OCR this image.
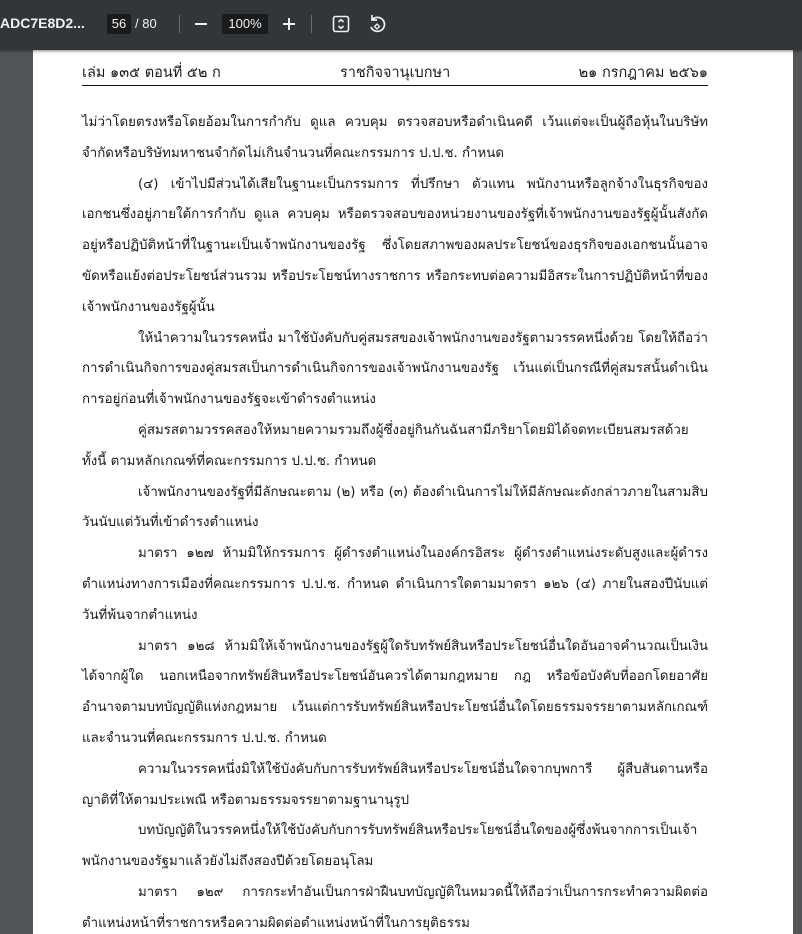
ADC7E8D2...	56 / 80	100%
เล่ม ๑๓๕ ตอนที่ ๕๒ ก	ราชกิจจานุเบกษา	๒๑ กรกฎาคม ๒๕๖๑

ไม่ว่าโดยตรงหรือโดยอ้อมในการกำกับ ดูแล ควบคุม ตรวจสอบหรือดำเนินคดี เว้นแต่จะเป็นผู้ถือหุ้นในบริษัทจำกัดหรือบริษัทมหาชนจำกัดไม่เกินจำนวนที่คณะกรรมการ ป.ป.ช. กำหนด

(๔) เข้าไปมีส่วนได้เสียในฐานะเป็นกรรมการ ที่ปรึกษา ตัวแทน พนักงานหรือลูกจ้างในธุรกิจของเอกชนซึ่งอยู่ภายใต้การกำกับ ดูแล ควบคุม หรือตรวจสอบของหน่วยงานของรัฐที่เจ้าพนักงานของรัฐผู้นั้นสังกัดอยู่หรือปฏิบัติหน้าที่ในฐานะเป็นเจ้าพนักงานของรัฐ ซึ่งโดยสภาพของผลประโยชน์ของธุรกิจของเอกชนนั้นอาจขัดหรือแย้งต่อประโยชน์ส่วนรวม หรือประโยชน์ทางราชการ หรือกระทบต่อความมีอิสระในการปฏิบัติหน้าที่ของเจ้าพนักงานของรัฐผู้นั้น

ให้นำความในวรรคหนึ่ง มาใช้บังคับกับคู่สมรสของเจ้าพนักงานของรัฐตามวรรคหนึ่งด้วย โดยให้ถือว่าการดำเนินกิจการของคู่สมรสเป็นการดำเนินกิจการของเจ้าพนักงานของรัฐ เว้นแต่เป็นกรณีที่คู่สมรสนั้นดำเนินการอยู่ก่อนที่เจ้าพนักงานของรัฐจะเข้าดำรงตำแหน่ง

คู่สมรสตามวรรคสองให้หมายความรวมถึงผู้ซึ่งอยู่กินกันฉันสามีภริยาโดยมิได้จดทะเบียนสมรสด้วย ทั้งนี้ ตามหลักเกณฑ์ที่คณะกรรมการ ป.ป.ช. กำหนด

เจ้าพนักงานของรัฐที่มีลักษณะตาม (๒) หรือ (๓) ต้องดำเนินการไม่ให้มีลักษณะดังกล่าวภายในสามสิบวันนับแต่วันที่เข้าดำรงตำแหน่ง

มาตรา ๑๒๗ ห้ามมิให้กรรมการ ผู้ดำรงตำแหน่งในองค์กรอิสระ ผู้ดำรงตำแหน่งระดับสูงและผู้ดำรงตำแหน่งทางการเมืองที่คณะกรรมการ ป.ป.ช. กำหนด ดำเนินการใดตามมาตรา ๑๒๖ (๔) ภายในสองปีนับแต่วันที่พ้นจากตำแหน่ง

มาตรา ๑๒๘ ห้ามมิให้เจ้าพนักงานของรัฐผู้ใดรับทรัพย์สินหรือประโยชน์อื่นใดอันอาจคำนวณเป็นเงินได้จากผู้ใด นอกเหนือจากทรัพย์สินหรือประโยชน์อันควรได้ตามกฎหมาย กฎ หรือข้อบังคับที่ออกโดยอาศัยอำนาจตามบทบัญญัติแห่งกฎหมาย เว้นแต่การรับทรัพย์สินหรือประโยชน์อื่นใดโดยธรรมจรรยาตามหลักเกณฑ์และจำนวนที่คณะกรรมการ ป.ป.ช. กำหนด

ความในวรรคหนึ่งมิให้ใช้บังคับกับการรับทรัพย์สินหรือประโยชน์อื่นใดจากบุพการี ผู้สืบสันดานหรือญาติที่ให้ตามประเพณี หรือตามธรรมจรรยาตามฐานานุรูป

บทบัญญัติในวรรคหนึ่งให้ใช้บังคับกับการรับทรัพย์สินหรือประโยชน์อื่นใดของผู้ซึ่งพ้นจากการเป็นเจ้าพนักงานของรัฐมาแล้วยังไม่ถึงสองปีด้วยโดยอนุโลม

มาตรา ๑๒๙ การกระทำอันเป็นการฝ่าฝืนบทบัญญัติในหมวดนี้ให้ถือว่าเป็นการกระทำความผิดต่อตำแหน่งหน้าที่ราชการหรือความผิดต่อตำแหน่งหน้าที่ในการยุติธรรม
